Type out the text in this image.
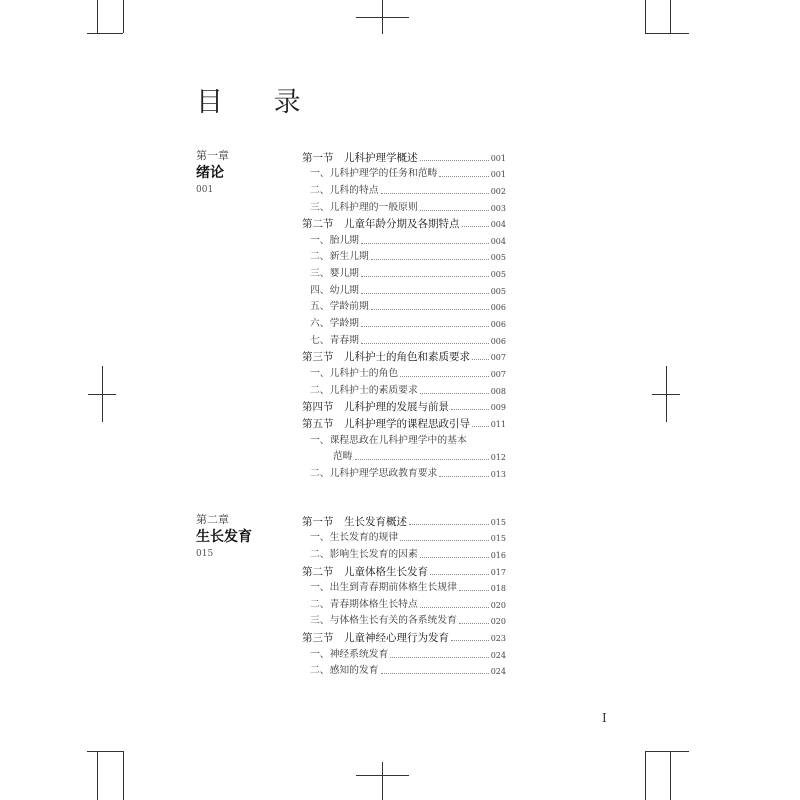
目 录
第一章
绪论
001
第一节　儿科护理学概述	001
一、儿科护理学的任务和范畴	001
二、儿科的特点	002
三、儿科护理的一般原则	003
第二节　儿童年龄分期及各期特点	004
一、胎儿期	004
二、新生儿期	005
三、婴儿期	005
四、幼儿期	005
五、学龄前期	006
六、学龄期	006
七、青春期	006
第三节　儿科护士的角色和素质要求	007
一、儿科护士的角色	007
二、儿科护士的素质要求	008
第四节　儿科护理的发展与前景	009
第五节　儿科护理学的课程思政引导	011
一、课程思政在儿科护理学中的基本
范畴	012
二、儿科护理学思政教育要求	013
第二章
生长发育
015
第一节　生长发育概述	015
一、生长发育的规律	015
二、影响生长发育的因素	016
第二节　儿童体格生长发育	017
一、出生到青春期前体格生长规律	018
二、青春期体格生长特点	020
三、与体格生长有关的各系统发育	020
第三节　儿童神经心理行为发育	023
一、神经系统发育	024
二、感知的发育	024
I
